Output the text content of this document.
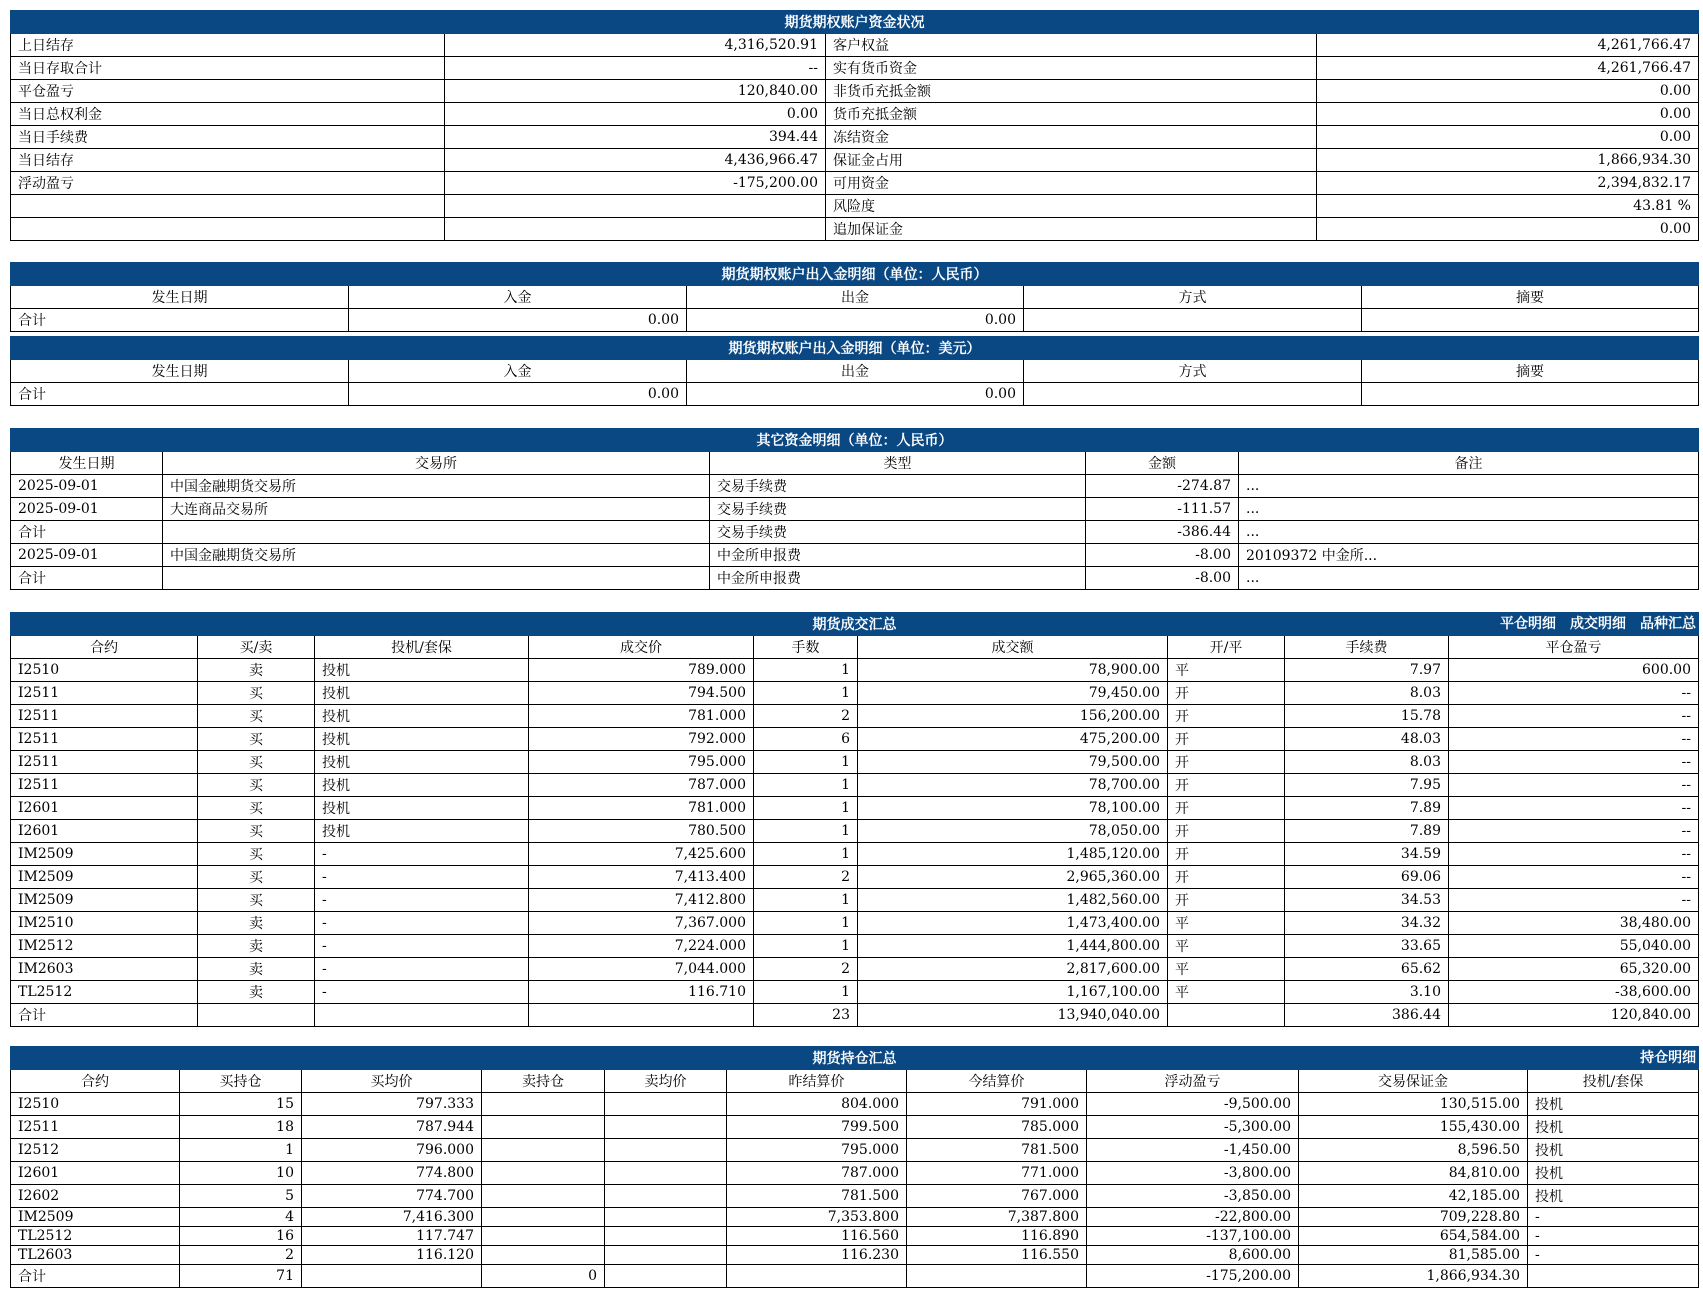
期货期权账户资金状况			
上日结存	4,316,520.91	客户权益	4,261,766.47
当日存取合计	--	实有货币资金	4,261,766.47
平仓盈亏	120,840.00	非货币充抵金额	0.00
当日总权利金	0.00	货币充抵金额	0.00
当日手续费	394.44	冻结资金	0.00
当日结存	4,436,966.47	保证金占用	1,866,934.30
浮动盈亏	-175,200.00	可用资金	2,394,832.17
		风险度	43.81 %
		追加保证金	0.00
期货期权账户出入金明细（单位：人民币）				
发生日期	入金	出金	方式	摘要
合计	0.00	0.00		
期货期权账户出入金明细（单位：美元）				
发生日期	入金	出金	方式	摘要
合计	0.00	0.00		
其它资金明细（单位：人民币）				
发生日期	交易所	类型	金额	备注
2025-09-01	中国金融期货交易所	交易手续费	-274.87	...
2025-09-01	大连商品交易所	交易手续费	-111.57	...
合计		交易手续费	-386.44	...
2025-09-01	中国金融期货交易所	中金所申报费	-8.00	20109372 中金所...
合计		中金所申报费	-8.00	...
期货成交汇总 平仓明细 成交明细 品种汇总								

合约	买/卖	投机/套保	成交价	手数	成交额	开/平	手续费	平仓盈亏
I2510	卖	投机	789.000	1	78,900.00	平	7.97	600.00
I2511	买	投机	794.500	1	79,450.00	开	8.03	--
I2511	买	投机	781.000	2	156,200.00	开	15.78	--
I2511	买	投机	792.000	6	475,200.00	开	48.03	--
I2511	买	投机	795.000	1	79,500.00	开	8.03	--
I2511	买	投机	787.000	1	78,700.00	开	7.95	--
I2601	买	投机	781.000	1	78,100.00	开	7.89	--
I2601	买	投机	780.500	1	78,050.00	开	7.89	--
IM2509	买	-	7,425.600	1	1,485,120.00	开	34.59	--
IM2509	买	-	7,413.400	2	2,965,360.00	开	69.06	--
IM2509	买	-	7,412.800	1	1,482,560.00	开	34.53	--
IM2510	卖	-	7,367.000	1	1,473,400.00	平	34.32	38,480.00
IM2512	卖	-	7,224.000	1	1,444,800.00	平	33.65	55,040.00
IM2603	卖	-	7,044.000	2	2,817,600.00	平	65.62	65,320.00
TL2512	卖	-	116.710	1	1,167,100.00	平	3.10	-38,600.00
合计				23	13,940,040.00		386.44	120,840.00
期货持仓汇总 持仓明细									

合约	买持仓	买均价	卖持仓	卖均价	昨结算价	今结算价	浮动盈亏	交易保证金	投机/套保
I2510	15	797.333			804.000	791.000	-9,500.00	130,515.00	投机
I2511	18	787.944			799.500	785.000	-5,300.00	155,430.00	投机
I2512	1	796.000			795.000	781.500	-1,450.00	8,596.50	投机
I2601	10	774.800			787.000	771.000	-3,800.00	84,810.00	投机
I2602	5	774.700			781.500	767.000	-3,850.00	42,185.00	投机
IM2509	4	7,416.300			7,353.800	7,387.800	-22,800.00	709,228.80	-
TL2512	16	117.747			116.560	116.890	-137,100.00	654,584.00	-
TL2603	2	116.120			116.230	116.550	8,600.00	81,585.00	-
合计	71		0				-175,200.00	1,866,934.30	
